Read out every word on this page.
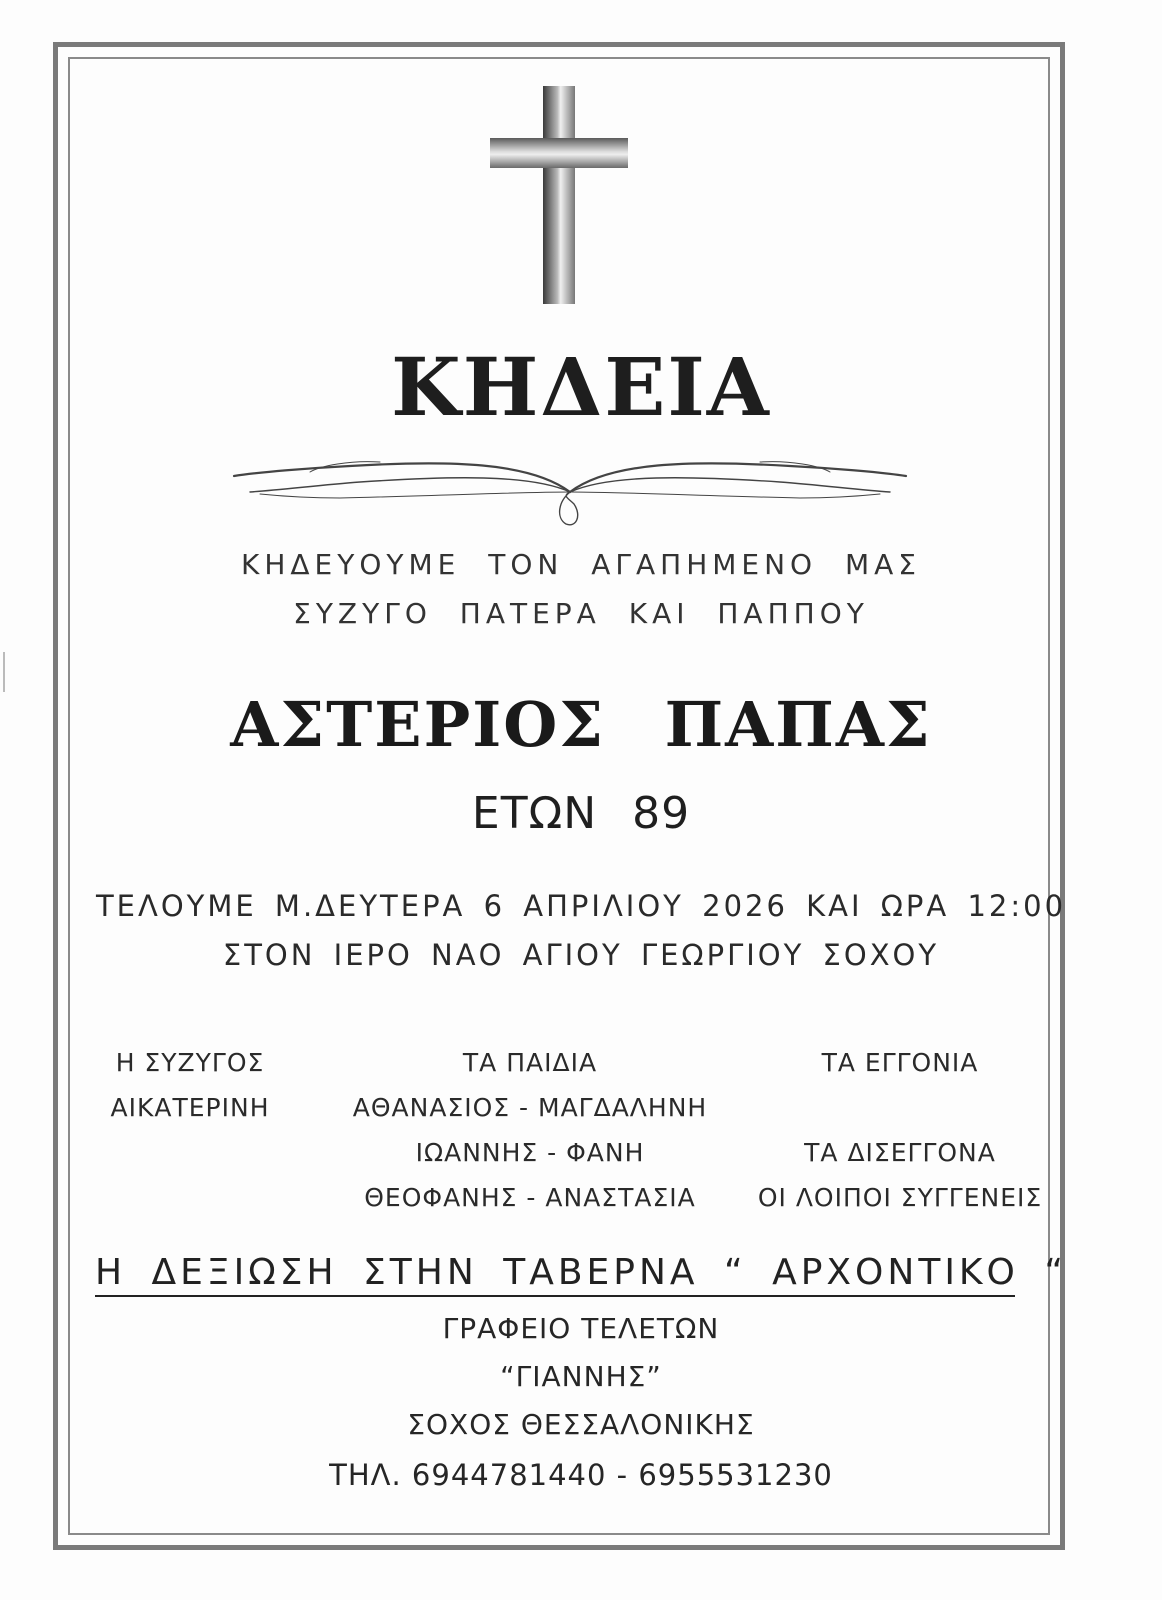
ΚΗΔΕΙΑ
ΚΗΔΕΥΟΥΜΕ ΤΟΝ ΑΓΑΠΗΜΕΝΟ ΜΑΣ
ΣΥΖΥΓΟ ΠΑΤΕΡΑ ΚΑΙ ΠΑΠΠΟΥ
ΑΣΤΕΡΙΟΣ ΠΑΠΑΣ
ΕΤΩΝ 89
ΤΕΛΟΥΜΕ Μ.ΔΕΥΤΕΡΑ 6 ΑΠΡΙΛΙΟΥ 2026 ΚΑΙ ΩΡΑ 12:00
ΣΤΟΝ ΙΕΡΟ ΝΑΟ ΑΓΙΟΥ ΓΕΩΡΓΙΟΥ ΣΟΧΟΥ
Η ΣΥΖΥΓΟΣ
ΑΙΚΑΤΕΡΙΝΗ
ΤΑ ΠΑΙΔΙΑ
ΑΘΑΝΑΣΙΟΣ - ΜΑΓΔΑΛΗΝΗ
ΙΩΑΝΝΗΣ - ΦΑΝΗ
ΘΕΟΦΑΝΗΣ - ΑΝΑΣΤΑΣΙΑ
ΤΑ ΕΓΓΟΝΙΑ
ΤΑ ΔΙΣΕΓΓΟΝΑ
ΟΙ ΛΟΙΠΟΙ ΣΥΓΓΕΝΕΙΣ
Η ΔΕΞΙΩΣΗ ΣΤΗΝ ΤΑΒΕΡΝΑ “ ΑΡΧΟΝΤΙΚΟ “
ΓΡΑΦΕΙΟ ΤΕΛΕΤΩΝ
“ΓΙΑΝΝΗΣ”
ΣΟΧΟΣ ΘΕΣΣΑΛΟΝΙΚΗΣ
ΤΗΛ. 6944781440 - 6955531230
